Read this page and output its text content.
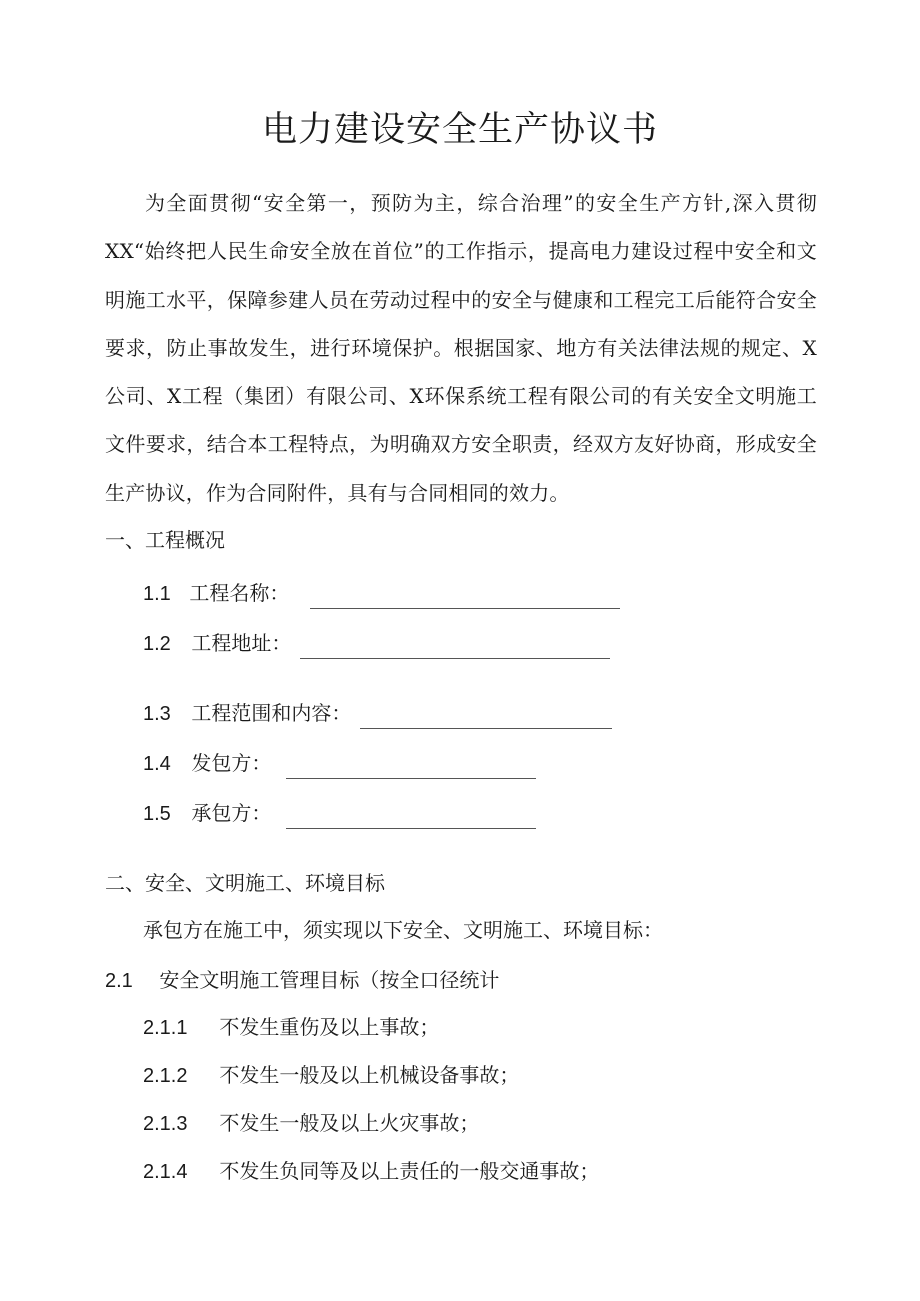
电力建设安全生产协议书
为全面贯彻“安全第一，预防为主，综合治理”的安全生产方针,深入贯彻XX“始终把人民生命安全放在首位”的工作指示，提高电力建设过程中安全和文明施工水平，保障参建人员在劳动过程中的安全与健康和工程完工后能符合安全要求，防止事故发生，进行环境保护。根据国家、地方有关法律法规的规定、X公司、X工程（集团）有限公司、X环保系统工程有限公司的有关安全文明施工文件要求，结合本工程特点，为明确双方安全职责，经双方友好协商，形成安全生产协议，作为合同附件，具有与合同相同的效力。
一、工程概况
1.1 工程名称：
1.2 工程地址：
1.3 工程范围和内容：
1.4 发包方：
1.5 承包方：
二、安全、文明施工、环境目标
承包方在施工中，须实现以下安全、文明施工、环境目标：
2.1 安全文明施工管理目标（按全口径统计
2.1.1 不发生重伤及以上事故；
2.1.2 不发生一般及以上机械设备事故；
2.1.3 不发生一般及以上火灾事故；
2.1.4 不发生负同等及以上责任的一般交通事故；
